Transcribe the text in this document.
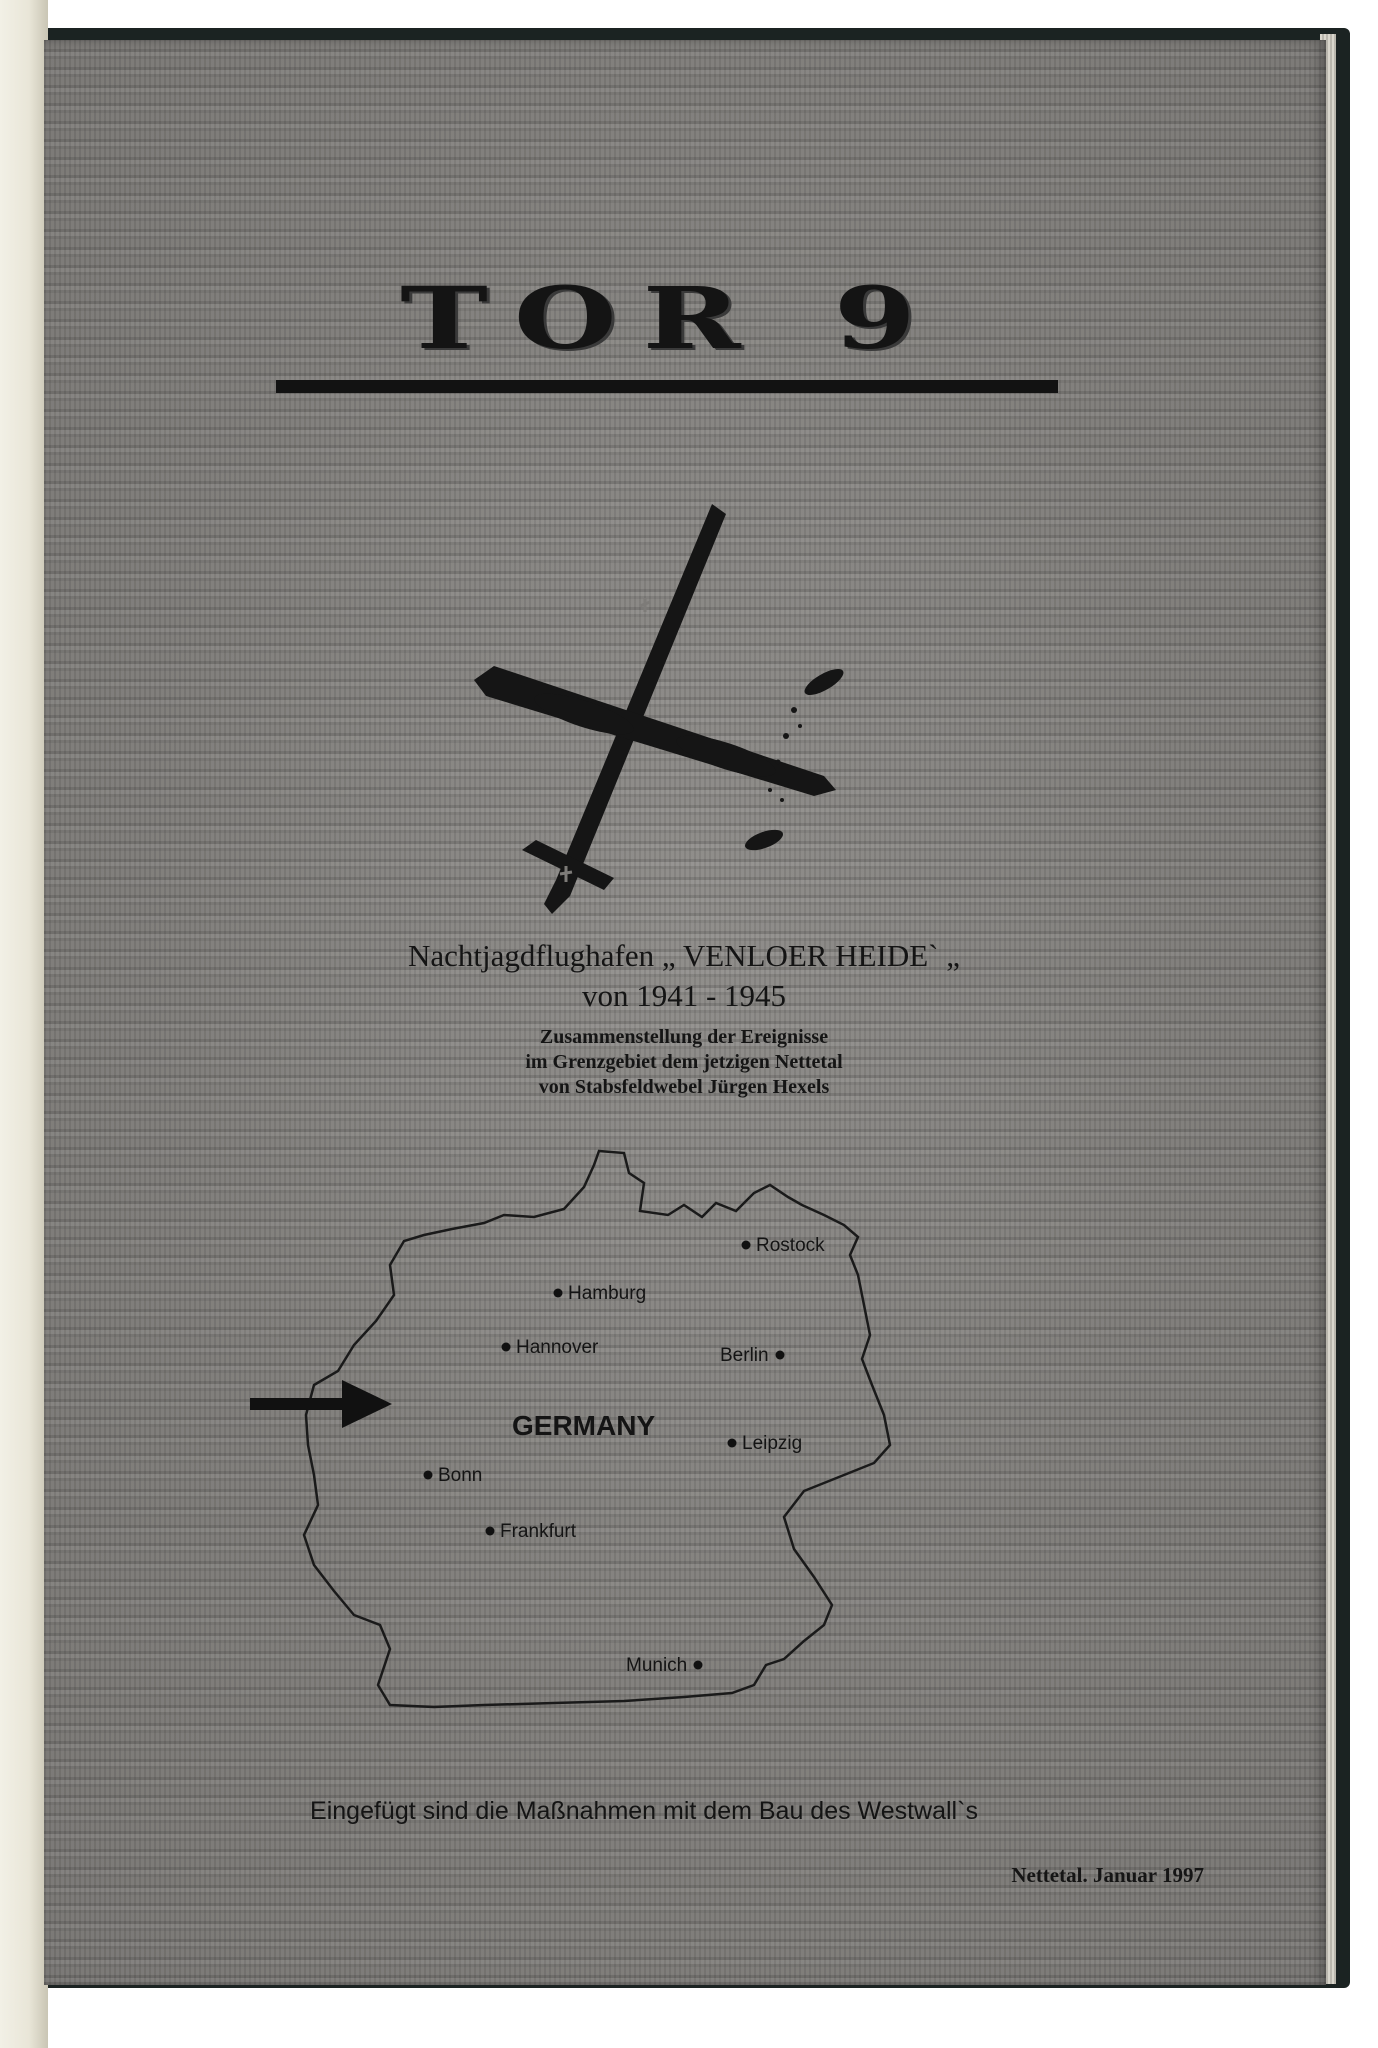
TOR 9
Nachtjagdflughafen „ VENLOER HEIDE` „
von 1941 - 1945
Zusammenstellung der Ereignisse
im Grenzgebiet dem jetzigen Nettetal
von Stabsfeldwebel Jürgen Hexels
Rostock
Hamburg
Hannover	Berlin
Leipzig
Bonn
Frankfurt
Munich
GERMANY
Eingefügt sind die Maßnahmen mit dem Bau des Westwall`s
Nettetal. Januar 1997
